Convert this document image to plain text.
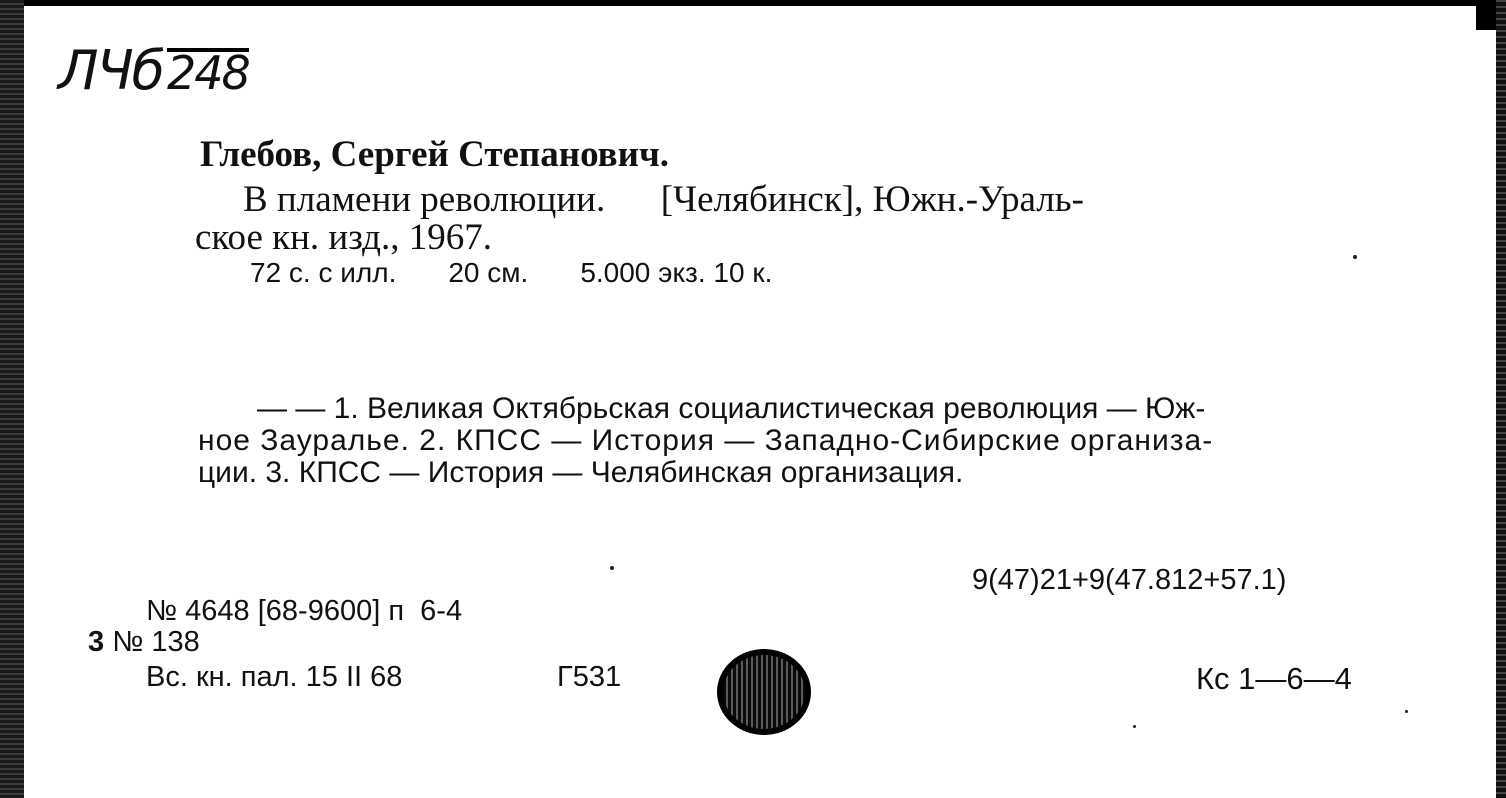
ЛЧб248
Глебов, Сергей Степанович.
В пламени революции.      [Челябинск], Южн.-Ураль-
ское кн. изд., 1967.
72 с. с илл. 20 см. 5.000 экз. 10 к.
— — 1. Великая Октябрьская социалистическая революция — Юж-
ное Зауралье. 2. КПСС — История — Западно-Сибирские организа-
ции. 3. КПСС — История — Челябинская организация.
9(47)21+9(47.812+57.1)
№ 4648 [68-9600] п  6-4
3 № 138
Вс. кн. пал. 15 II 68	Г531	Кс 1—6—4
